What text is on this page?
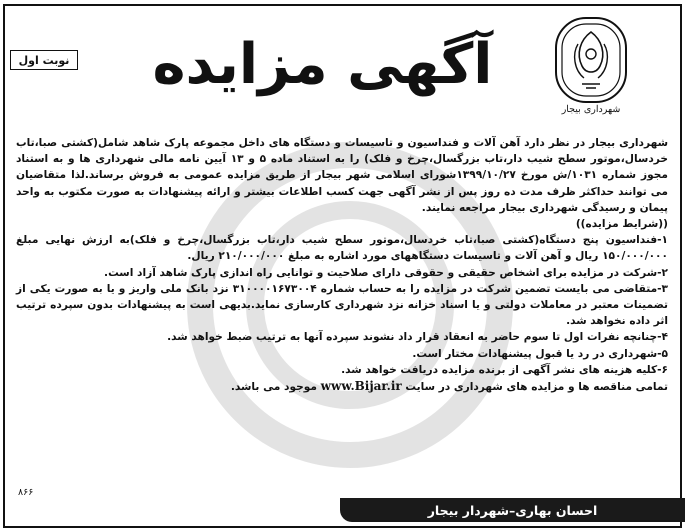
نوبت اول آگهی مزایده
شهرداری بیجار

شهرداری بیجار در نظر دارد آهن آلات و فنداسیون و تاسیسات و دستگاه های داخل مجموعه پارک شاهد شامل(کشتی صبا،تاب خردسال،موتور سطح شیب دار،تاب بزرگسال،چرخ و فلک) را به استناد ماده ۵ و ۱۳ آیین نامه مالی شهرداری ها و به استناد مجوز شماره ۱۰۳۱/ش مورخ ۱۳۹۹/۱۰/۲۷شورای اسلامی شهر بیجار از طریق مزایده عمومی به فروش برساند.لذا متقاضیان می توانند حداکثر ظرف مدت ده روز پس از نشر آگهی جهت کسب اطلاعات بیشتر و ارائه پیشنهادات به صورت مکتوب به واحد پیمان و رسیدگی شهرداری بیجار مراجعه نمایند.

((شرایط مزایده))

۱-فنداسیون پنج دستگاه(کشتی صبا،تاب خردسال،موتور سطح شیب دار،تاب بزرگسال،چرخ و فلک)به ارزش نهایی مبلغ ۱۵۰/۰۰۰/۰۰۰ ریال و آهن آلات و تاسیسات دستگاههای مورد اشاره به مبلغ ۲۱۰/۰۰۰/۰۰۰ ریال.

۲-شرکت در مزایده برای اشخاص حقیقی و حقوقی دارای صلاحیت و توانایی راه اندازی پارک شاهد آزاد است.

۳-متقاضی می بایست تضمین شرکت در مزایده را به حساب شماره ۳۱۰۰۰۰۱۶۷۳۰۰۴ نزد بانک ملی واریز و یا به صورت یکی از تضمینات معتبر در معاملات دولتی و یا اسناد خزانه نزد شهرداری کارسازی نماید.بدیهی است به پیشنهادات بدون سپرده ترتیب اثر داده نخواهد شد.

۴-چنانچه نفرات اول تا سوم حاضر به انعقاد قرار داد نشوند سپرده آنها به ترتیب ضبط خواهد شد.

۵-شهرداری در رد یا قبول پیشنهادات مختار است.

۶-کلیه هزینه های نشر آگهی از برنده مزایده دریافت خواهد شد.

تمامی مناقصه ها و مزایده های شهرداری در سایت www.Bijar.ir موجود می باشد.

۸۶۶
احسان بهاری–شهردار بیجار
